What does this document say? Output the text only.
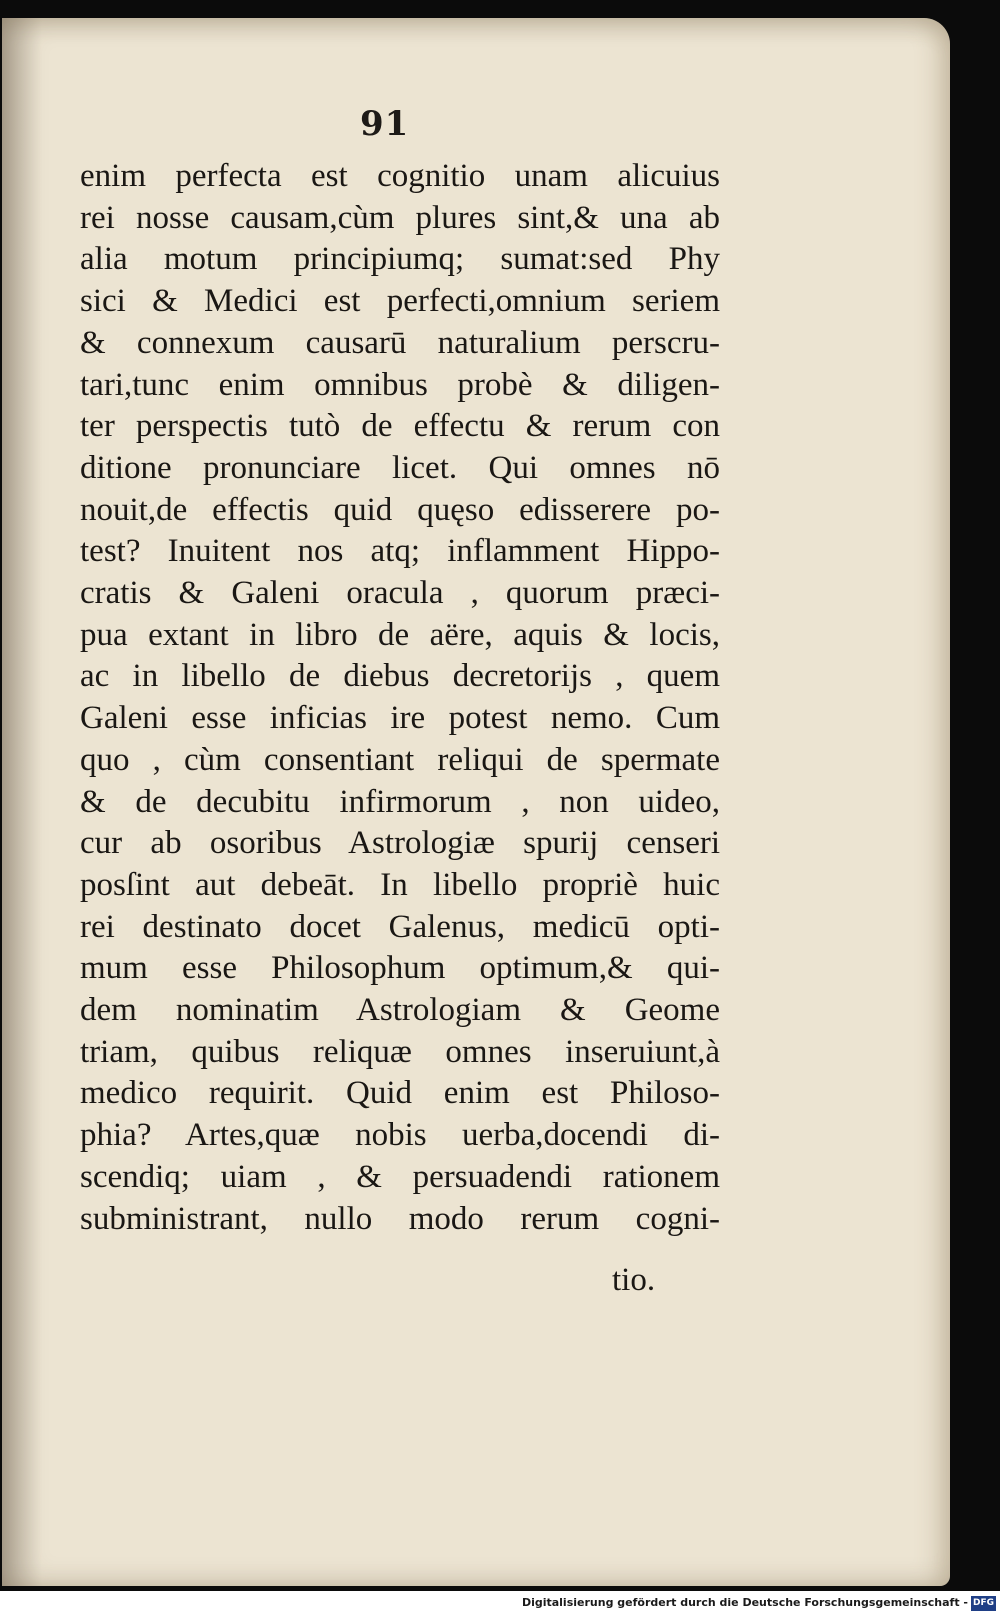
91
enim perfecta est cognitio unam alicuius
rei nosse causam,cùm plures sint,& una ab
alia motum principiumq; sumat:sed Phy
sici & Medici est perfecti,omnium seriem
& connexum causarū naturalium perscru-
tari,tunc enim omnibus probè & diligen-
ter perspectis tutò de effectu & rerum con
ditione pronunciare licet. Qui omnes nō
nouit,de effectis quid quęso edisserere po-
test? Inuitent nos atq; inflamment Hippo-
cratis & Galeni oracula , quorum præci-
pua extant in libro de aëre, aquis & locis,
ac in libello de diebus decretorijs , quem
Galeni esse inficias ire potest nemo. Cum
quo , cùm consentiant reliqui de spermate
& de decubitu infirmorum , non uideo,
cur ab osoribus Astrologiæ spurij censeri
posſint aut debeāt. In libello propriè huic
rei destinato docet Galenus, medicū opti-
mum esse Philosophum optimum,& qui-
dem nominatim Astrologiam & Geome
triam, quibus reliquæ omnes inseruiunt,à
medico requirit. Quid enim est Philoso-
phia? Artes,quæ nobis uerba,docendi di-
scendiq; uiam , & persuadendi rationem
subministrant, nullo modo rerum cogni-
tio.
Digitalisierung gefördert durch die Deutsche Forschungsgemeinschaft - DFG
